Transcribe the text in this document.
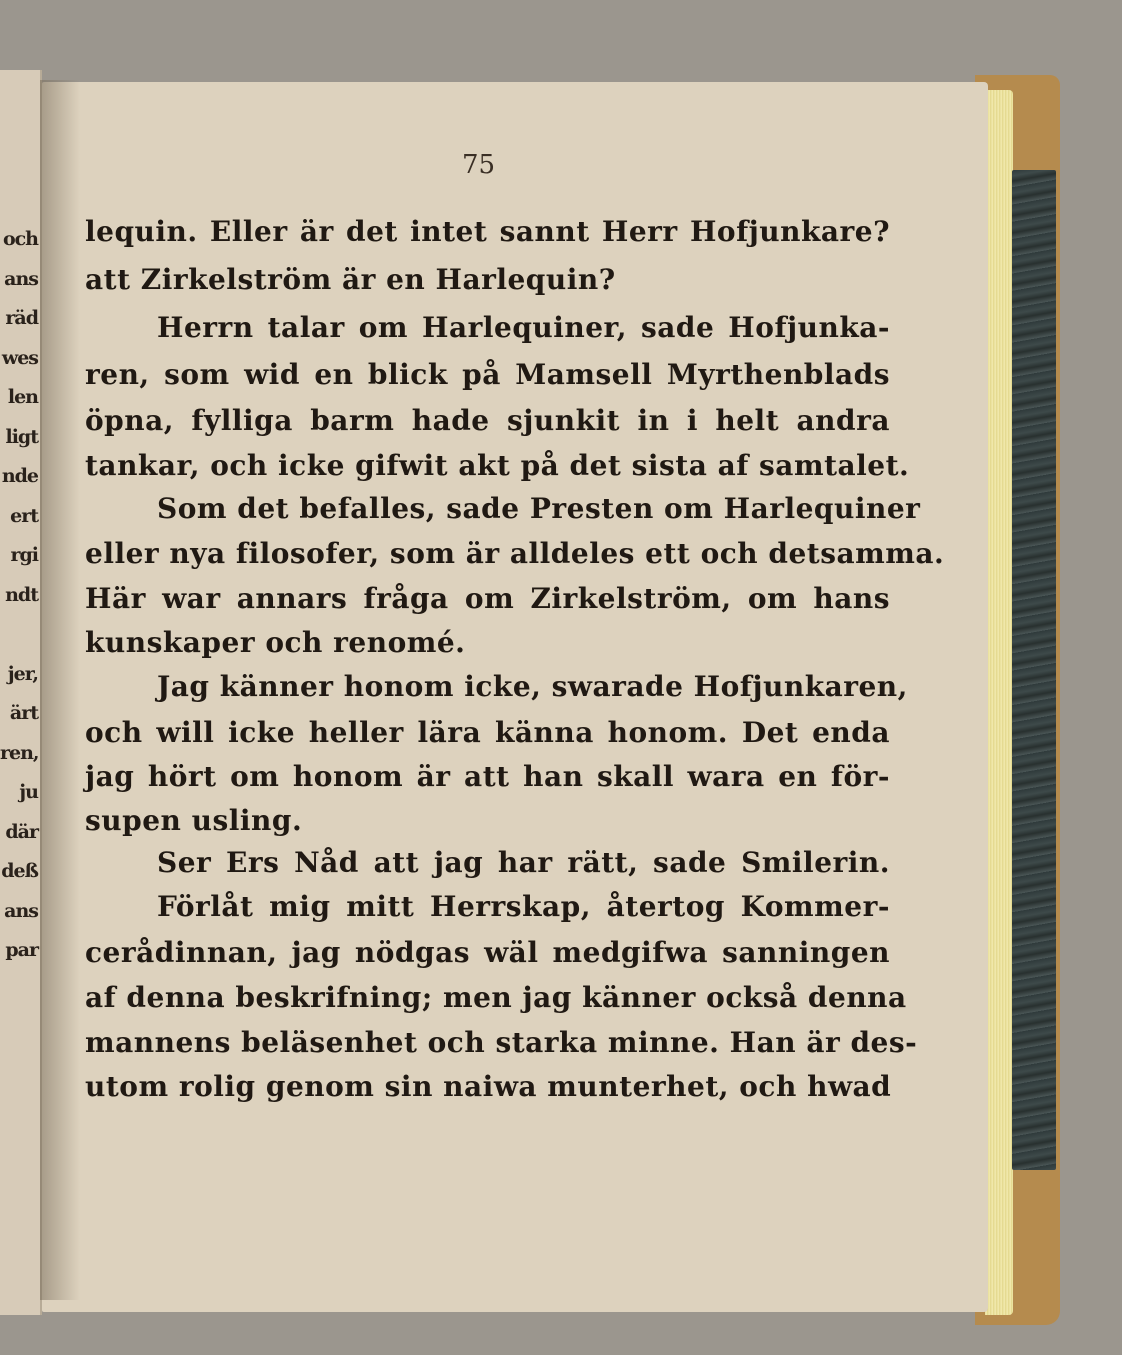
och
ans
räd
wes
len
ligt
nde
ert
rgi
ndt

jer,
ärt
ren,
ju
där
deß
ans
par
75
lequin. Eller är det intet sannt Herr Hofjunkare?
att Zirkelström är en Harlequin?
Herrn talar om Harlequiner, sade Hofjunka-
ren, som wid en blick på Mamsell Myrthenblads
öpna, fylliga barm hade sjunkit in i helt andra
tankar, och icke gifwit akt på det sista af samtalet.
Som det befalles, sade Presten om Harlequiner
eller nya filosofer, som är alldeles ett och detsamma.
Här war annars fråga om Zirkelström, om hans
kunskaper och renomé.
Jag känner honom icke, swarade Hofjunkaren,
och will icke heller lära känna honom. Det enda
jag hört om honom är att han skall wara en för-
supen usling.
Ser Ers Nåd att jag har rätt, sade Smilerin.
Förlåt mig mitt Herrskap, återtog Kommer-
cerådinnan, jag nödgas wäl medgifwa sanningen
af denna beskrifning; men jag känner också denna
mannens beläsenhet och starka minne. Han är des-
utom rolig genom sin naiwa munterhet, och hwad
